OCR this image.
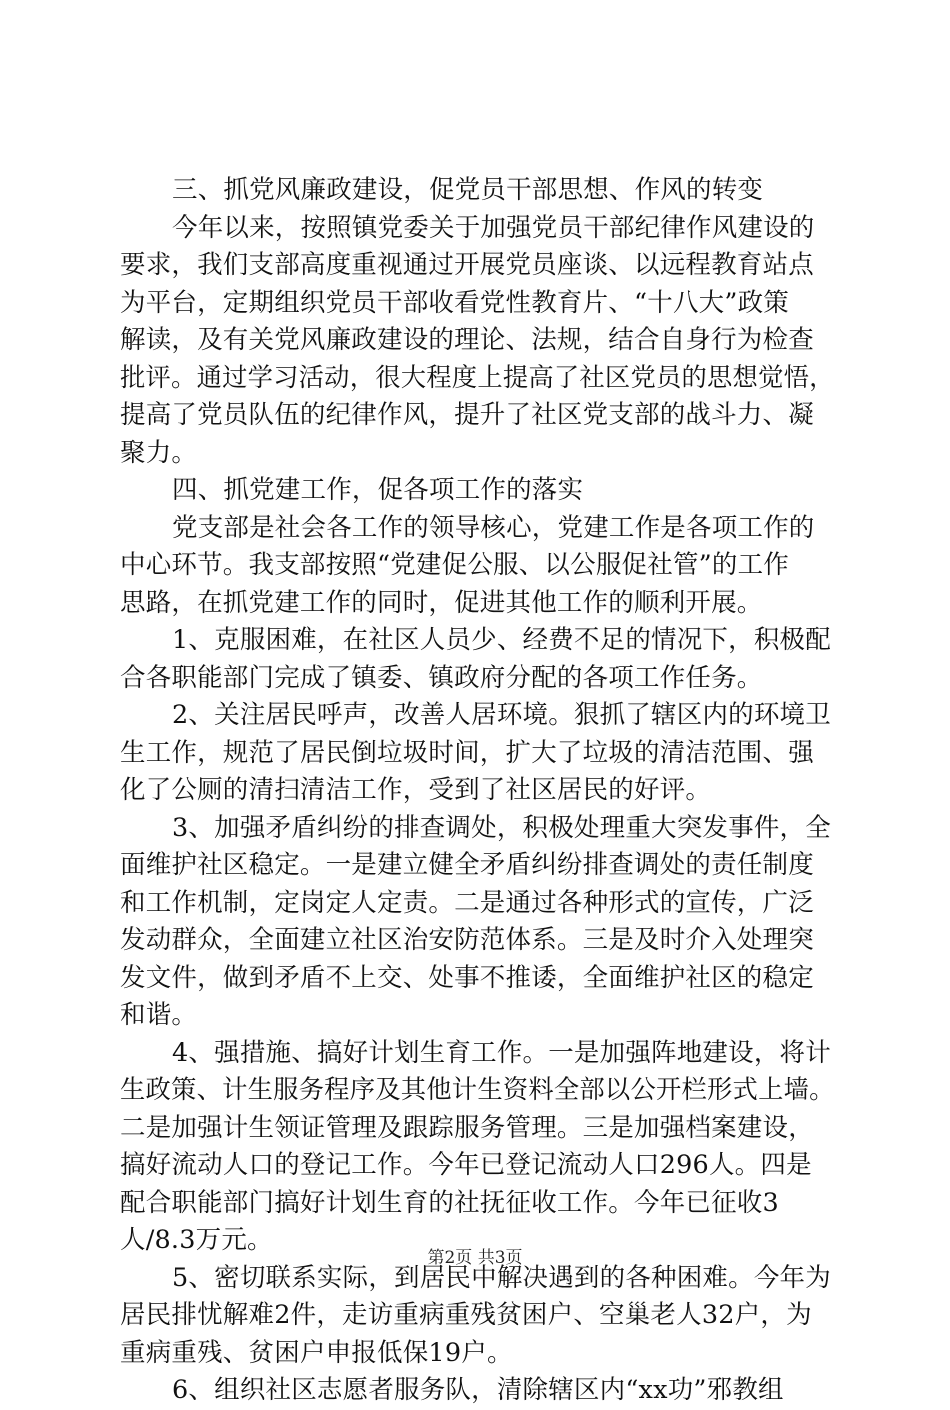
三、抓党风廉政建设，促党员干部思想、作风的转变
今年以来，按照镇党委关于加强党员干部纪律作风建设的
要求，我们支部高度重视通过开展党员座谈、以远程教育站点
为平台，定期组织党员干部收看党性教育片、“十八大”政策
解读，及有关党风廉政建设的理论、法规，结合自身行为检查
批评。通过学习活动，很大程度上提高了社区党员的思想觉悟，
提高了党员队伍的纪律作风，提升了社区党支部的战斗力、凝
聚力。
四、抓党建工作，促各项工作的落实
党支部是社会各工作的领导核心，党建工作是各项工作的
中心环节。我支部按照“党建促公服、以公服促社管”的工作
思路，在抓党建工作的同时，促进其他工作的顺利开展。
1、克服困难，在社区人员少、经费不足的情况下，积极配
合各职能部门完成了镇委、镇政府分配的各项工作任务。
2、关注居民呼声，改善人居环境。狠抓了辖区内的环境卫
生工作，规范了居民倒垃圾时间，扩大了垃圾的清洁范围、强
化了公厕的清扫清洁工作，受到了社区居民的好评。
3、加强矛盾纠纷的排查调处，积极处理重大突发事件，全
面维护社区稳定。一是建立健全矛盾纠纷排查调处的责任制度
和工作机制，定岗定人定责。二是通过各种形式的宣传，广泛
发动群众，全面建立社区治安防范体系。三是及时介入处理突
发文件，做到矛盾不上交、处事不推诿，全面维护社区的稳定
和谐。
4、强措施、搞好计划生育工作。一是加强阵地建设，将计
生政策、计生服务程序及其他计生资料全部以公开栏形式上墙。
二是加强计生领证管理及跟踪服务管理。三是加强档案建设，
搞好流动人口的登记工作。今年已登记流动人口296人。四是
配合职能部门搞好计划生育的社抚征收工作。今年已征收3
人/8.3万元。
5、密切联系实际，到居民中解决遇到的各种困难。今年为
居民排忧解难2件，走访重病重残贫困户、空巢老人32户，为
重病重残、贫困户申报低保19户。
6、组织社区志愿者服务队，清除辖区内“xx功”邪教组
第2页 共3页
